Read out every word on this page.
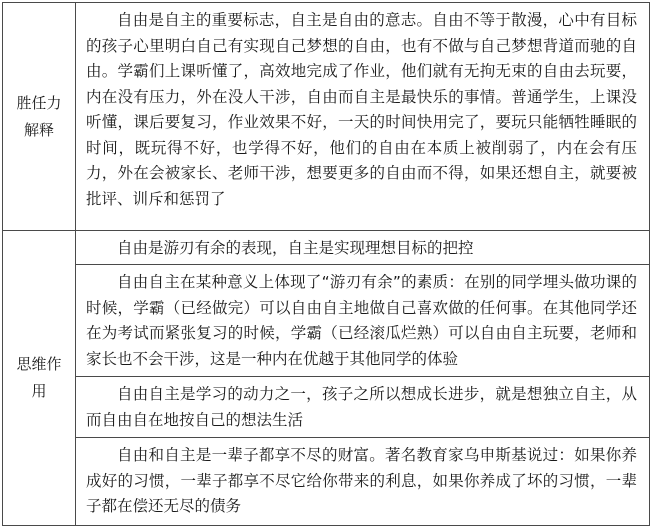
胜任力解释
自由是自主的重要标志，自主是自由的意志。自由不等于散漫，心中有目标的孩子心里明白自己有实现自己梦想的自由，也有不做与自己梦想背道而驰的自由。学霸们上课听懂了，高效地完成了作业，他们就有无拘无束的自由去玩要，内在没有压力，外在没人干涉，自由而自主是最快乐的事情。普通学生，上课没听懂，课后要复习，作业效果不好，一天的时间快用完了，要玩只能牺牲睡眠的时间，既玩得不好，也学得不好，他们的自由在本质上被削弱了，内在会有压力，外在会被家长、老师干涉，想要更多的自由而不得，如果还想自主，就要被批评、训斥和惩罚了
思维作用
自由是游刃有余的表现，自主是实现理想目标的把控
自由自主在某种意义上体现了“游刃有余”的素质：在别的同学埋头做功课的时候，学霸（已经做完）可以自由自主地做自己喜欢做的任何事。在其他同学还在为考试而紧张复习的时候，学霸（已经滚瓜烂熟）可以自由自主玩要，老师和家长也不会干涉，这是一种内在优越于其他同学的体验
自由自主是学习的动力之一，孩子之所以想成长进步，就是想独立自主，从而自由自在地按自己的想法生活
自由和自主是一辈子都享不尽的财富。著名教育家乌申斯基说过：如果你养成好的习惯，一辈子都享不尽它给你带来的利息，如果你养成了坏的习惯，一辈子都在偿还无尽的债务
